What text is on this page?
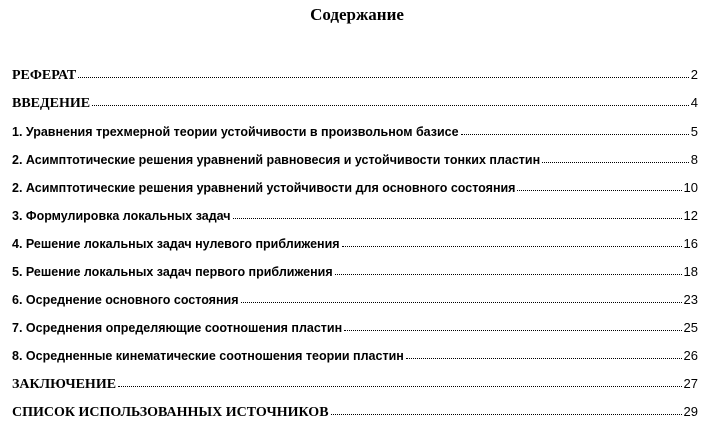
Содержание
РЕФЕРАТ	2
ВВЕДЕНИЕ	4
1. Уравнения трехмерной теории устойчивости в произвольном базисе	5
2. Асимптотические решения уравнений равновесия и устойчивости тонких пластин	8
2. Асимптотические решения уравнений устойчивости для основного состояния	10
3. Формулировка локальных задач	12
4. Решение локальных задач нулевого приближения	16
5. Решение локальных задач первого приближения	18
6. Осреднение основного состояния	23
7. Осреднения определяющие соотношения пластин	25
8. Осредненные кинематические соотношения теории пластин	26
ЗАКЛЮЧЕНИЕ	27
СПИСОК ИСПОЛЬЗОВАННЫХ ИСТОЧНИКОВ	29
